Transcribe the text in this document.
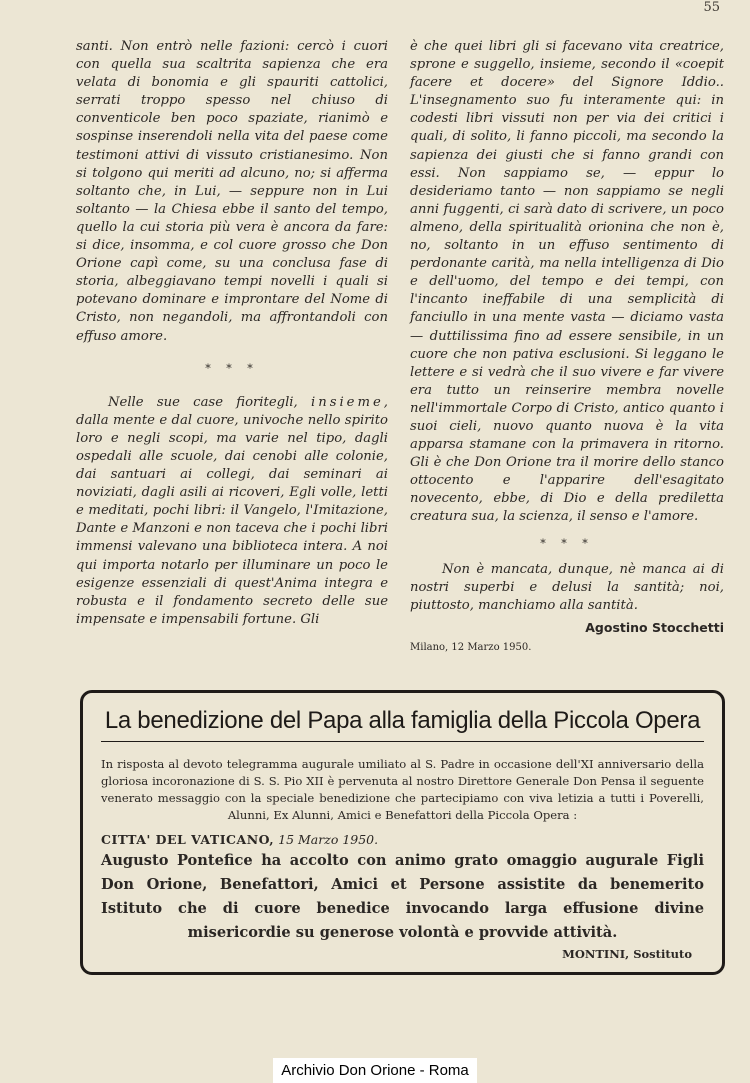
55

santi. Non entrò nelle fazioni: cercò i cuori con quella sua scaltrita sapienza che era velata di bonomia e gli spauriti cattolici, serrati troppo spesso nel chiuso di conventicole ben poco spaziate, rianimò e sospinse inserendoli nella vita del paese come testimoni attivi di vissuto cristianesimo. Non si tolgono qui meriti ad alcuno, no; si afferma soltanto che, in Lui, — seppure non in Lui soltanto — la Chiesa ebbe il santo del tempo, quello la cui storia più vera è ancora da fare: si dice, insomma, e col cuore grosso che Don Orione capì come, su una conclusa fase di storia, albeggiavano tempi novelli i quali si potevano dominare e improntare del Nome di Cristo, non negandoli, ma affrontandoli con effuso amore.

* * *

Nelle sue case fioritegli, insieme, dalla mente e dal cuore, univoche nello spirito loro e negli scopi, ma varie nel tipo, dagli ospedali alle scuole, dai cenobi alle colonie, dai santuari ai collegi, dai seminari ai noviziati, dagli asili ai ricoveri, Egli volle, letti e meditati, pochi libri: il Vangelo, l'Imitazione, Dante e Manzoni e non taceva che i pochi libri immensi valevano una biblioteca intera. A noi qui importa notarlo per illuminare un poco le esigenze essenziali di quest'Anima integra e robusta e il fondamento secreto delle sue impensate e impensabili fortune. Gli

è che quei libri gli si facevano vita creatrice, sprone e suggello, insieme, secondo il «coepit facere et docere» del Signore Iddio.. L'insegnamento suo fu interamente qui: in codesti libri vissuti non per via dei critici i quali, di solito, li fanno piccoli, ma secondo la sapienza dei giusti che si fanno grandi con essi. Non sappiamo se, — eppur lo desideriamo tanto — non sappiamo se negli anni fuggenti, ci sarà dato di scrivere, un poco almeno, della spiritualità orionina che non è, no, soltanto in un effuso sentimento di perdonante carità, ma nella intelligenza di Dio e dell'uomo, del tempo e dei tempi, con l'incanto ineffabile di una semplicità di fanciullo in una mente vasta — diciamo vasta — duttilissima fino ad essere sensibile, in un cuore che non pativa esclusioni. Si leggano le lettere e si vedrà che il suo vivere e far vivere era tutto un reinserire membra novelle nell'immortale Corpo di Cristo, antico quanto i suoi cieli, nuovo quanto nuova è la vita apparsa stamane con la primavera in ritorno. Gli è che Don Orione tra il morire dello stanco ottocento e l'apparire dell'esagitato novecento, ebbe, di Dio e della prediletta creatura sua, la scienza, il senso e l'amore.

* * *

Non è mancata, dunque, nè manca ai di nostri superbi e delusi la santità; noi, piuttosto, manchiamo alla santità.

Agostino Stocchetti
Milano, 12 Marzo 1950.
La benedizione del Papa alla famiglia della Piccola Opera

In risposta al devoto telegramma augurale umiliato al S. Padre in occasione dell'XI anniversario della gloriosa incoronazione di S. S. Pio XII è pervenuta al nostro Direttore Generale Don Pensa il seguente venerato messaggio con la speciale benedizione che partecipiamo con viva letizia a tutti i Poverelli, Alunni, Ex Alunni, Amici e Benefattori della Piccola Opera :

CITTA' DEL VATICANO, 15 Marzo 1950.

Augusto Pontefice ha accolto con animo grato omaggio augurale Figli Don Orione, Benefattori, Amici et Persone assistite da benemerito Istituto che di cuore benedice invocando larga effusione divine misericordie su generose volontà e provvide attività.

MONTINI, Sostituto
Archivio Don Orione - Roma
